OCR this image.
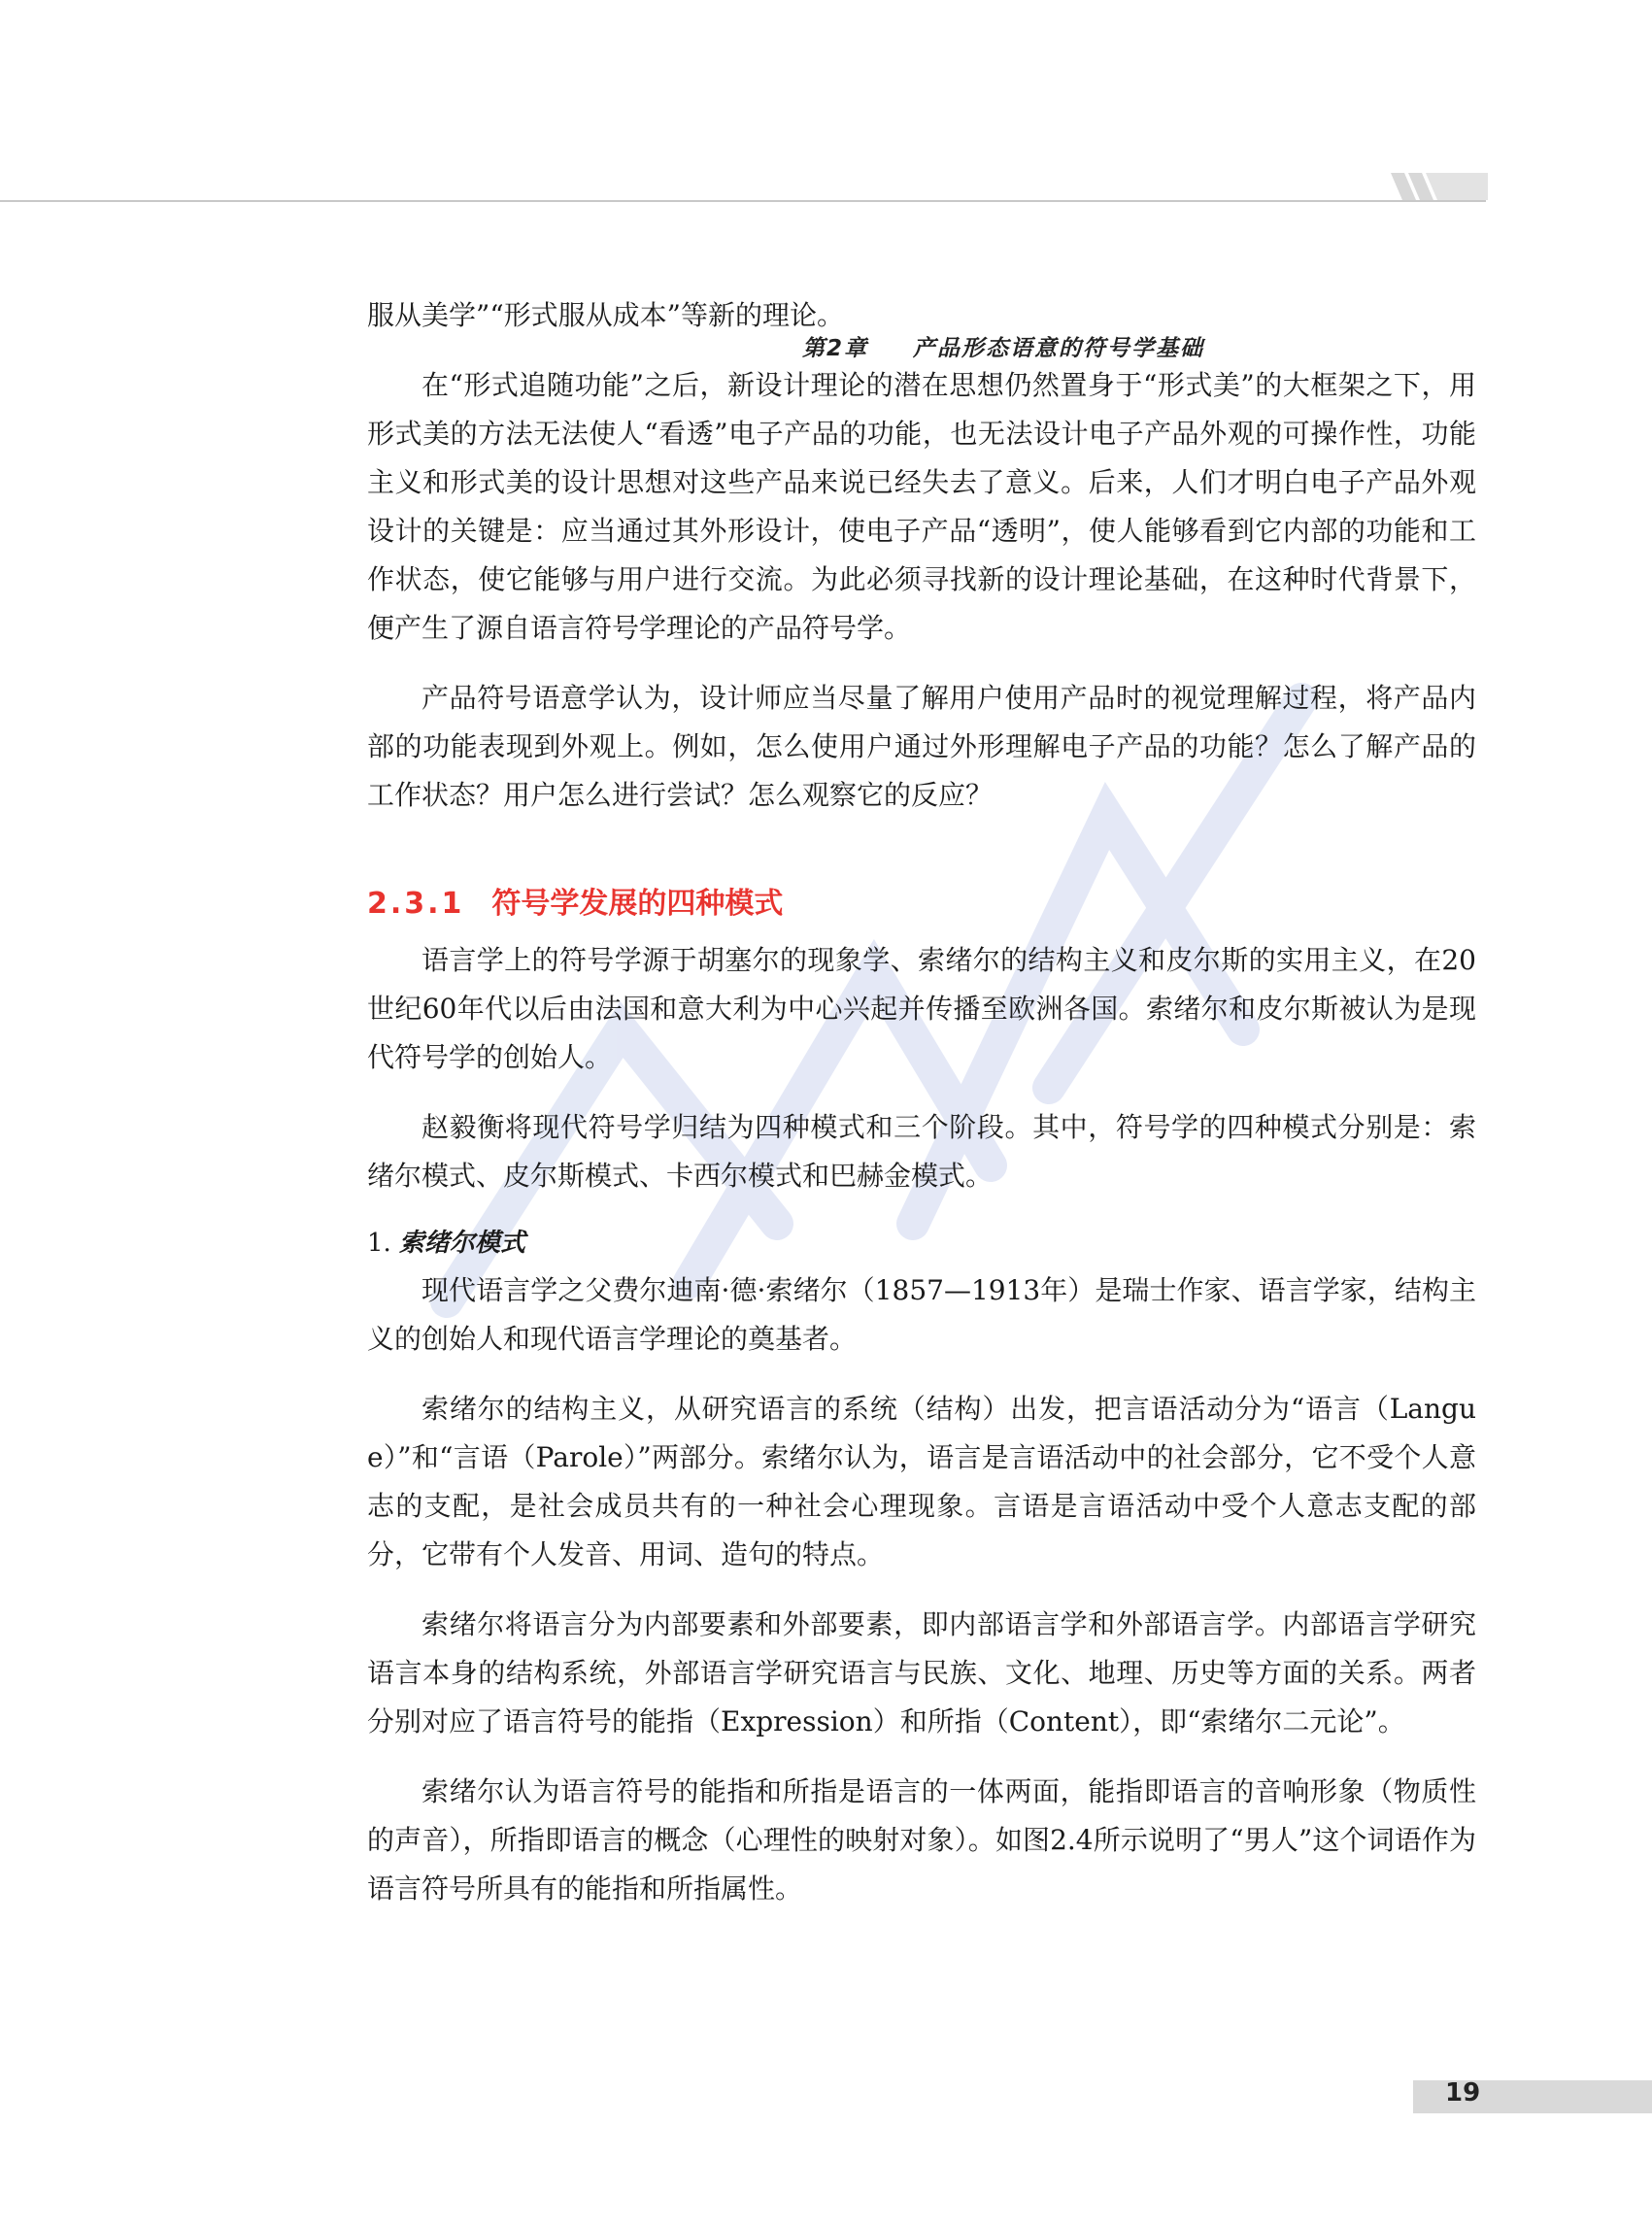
第2章 产品形态语意的符号学基础

服从美学”“形式服从成本”等新的理论。

在“形式追随功能”之后，新设计理论的潜在思想仍然置身于“形式美”的大框架之下，用形式美的方法无法使人“看透”电子产品的功能，也无法设计电子产品外观的可操作性，功能主义和形式美的设计思想对这些产品来说已经失去了意义。后来，人们才明白电子产品外观设计的关键是：应当通过其外形设计，使电子产品“透明”，使人能够看到它内部的功能和工作状态，使它能够与用户进行交流。为此必须寻找新的设计理论基础，在这种时代背景下，便产生了源自语言符号学理论的产品符号学。

产品符号语意学认为，设计师应当尽量了解用户使用产品时的视觉理解过程，将产品内部的功能表现到外观上。例如，怎么使用户通过外形理解电子产品的功能？怎么了解产品的工作状态？用户怎么进行尝试？怎么观察它的反应？

2.3.1 符号学发展的四种模式

语言学上的符号学源于胡塞尔的现象学、索绪尔的结构主义和皮尔斯的实用主义，在20世纪60年代以后由法国和意大利为中心兴起并传播至欧洲各国。索绪尔和皮尔斯被认为是现代符号学的创始人。

赵毅衡将现代符号学归结为四种模式和三个阶段。其中，符号学的四种模式分别是：索绪尔模式、皮尔斯模式、卡西尔模式和巴赫金模式。

1. 索绪尔模式

现代语言学之父费尔迪南·德·索绪尔（1857—1913年）是瑞士作家、语言学家，结构主义的创始人和现代语言学理论的奠基者。

索绪尔的结构主义，从研究语言的系统（结构）出发，把言语活动分为“语言（Langue）”和“言语（Parole）”两部分。索绪尔认为，语言是言语活动中的社会部分，它不受个人意志的支配，是社会成员共有的一种社会心理现象。言语是言语活动中受个人意志支配的部分，它带有个人发音、用词、造句的特点。

索绪尔将语言分为内部要素和外部要素，即内部语言学和外部语言学。内部语言学研究语言本身的结构系统，外部语言学研究语言与民族、文化、地理、历史等方面的关系。两者分别对应了语言符号的能指（Expression）和所指（Content），即“索绪尔二元论”。

索绪尔认为语言符号的能指和所指是语言的一体两面，能指即语言的音响形象（物质性的声音），所指即语言的概念（心理性的映射对象）。如图2.4所示说明了“男人”这个词语作为语言符号所具有的能指和所指属性。

19
